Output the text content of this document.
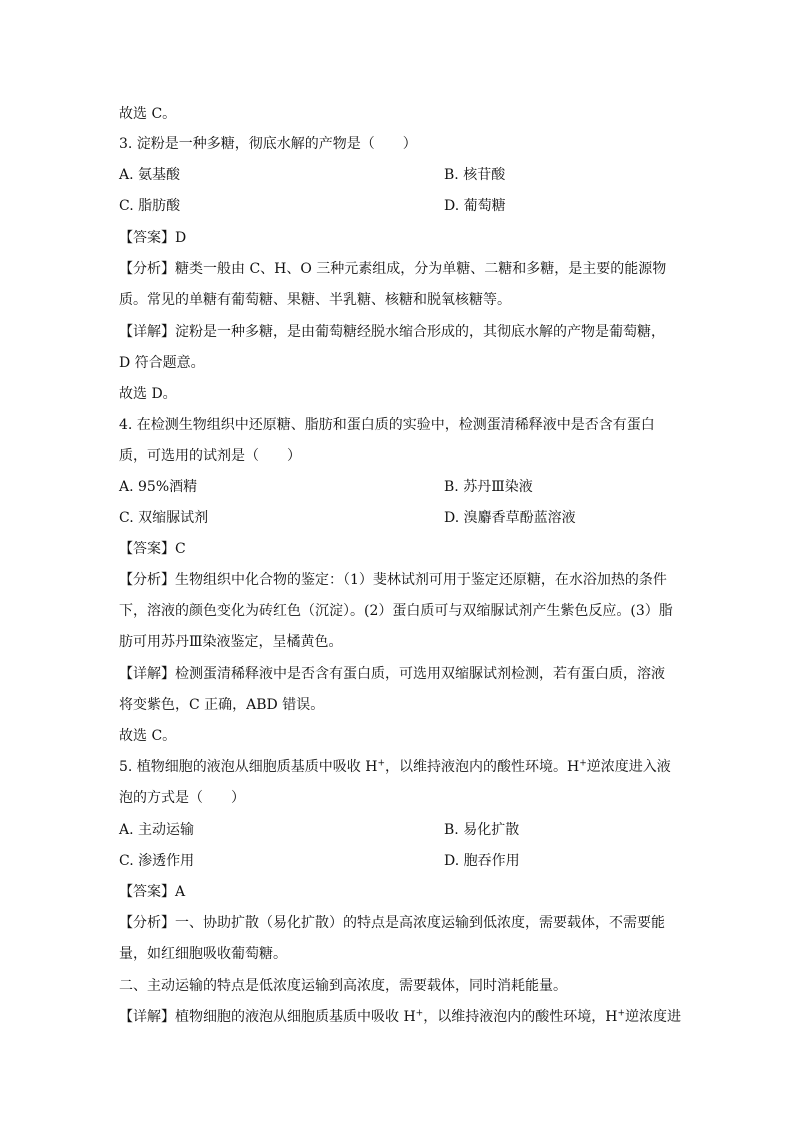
故选 C。
3. 淀粉是一种多糖，彻底水解的产物是（　　）
A. 氨基酸	B. 核苷酸
C. 脂肪酸	D. 葡萄糖
【答案】D
【分析】糖类一般由 C、H、O 三种元素组成，分为单糖、二糖和多糖，是主要的能源物
质。常见的单糖有葡萄糖、果糖、半乳糖、核糖和脱氧核糖等。
【详解】淀粉是一种多糖，是由葡萄糖经脱水缩合形成的，其彻底水解的产物是葡萄糖，
D 符合题意。
故选 D。
4. 在检测生物组织中还原糖、脂肪和蛋白质的实验中，检测蛋清稀释液中是否含有蛋白
质，可选用的试剂是（　　）
A. 95%酒精	B. 苏丹Ⅲ染液
C. 双缩脲试剂	D. 溴麝香草酚蓝溶液
【答案】C
【分析】生物组织中化合物的鉴定：（1）斐林试剂可用于鉴定还原糖，在水浴加热的条件
下，溶液的颜色变化为砖红色（沉淀）。(2）蛋白质可与双缩脲试剂产生紫色反应。(3）脂
肪可用苏丹Ⅲ染液鉴定，呈橘黄色。
【详解】检测蛋清稀释液中是否含有蛋白质，可选用双缩脲试剂检测，若有蛋白质，溶液
将变紫色，C 正确，ABD 错误。
故选 C。
5. 植物细胞的液泡从细胞质基质中吸收 H+，以维持液泡内的酸性环境。H+逆浓度进入液
泡的方式是（　　）
A. 主动运输	B. 易化扩散
C. 渗透作用	D. 胞吞作用
【答案】A
【分析】一、协助扩散（易化扩散）的特点是高浓度运输到低浓度，需要载体，不需要能
量，如红细胞吸收葡萄糖。
二、主动运输的特点是低浓度运输到高浓度，需要载体，同时消耗能量。
【详解】植物细胞的液泡从细胞质基质中吸收 H+，以维持液泡内的酸性环境，H+逆浓度进
